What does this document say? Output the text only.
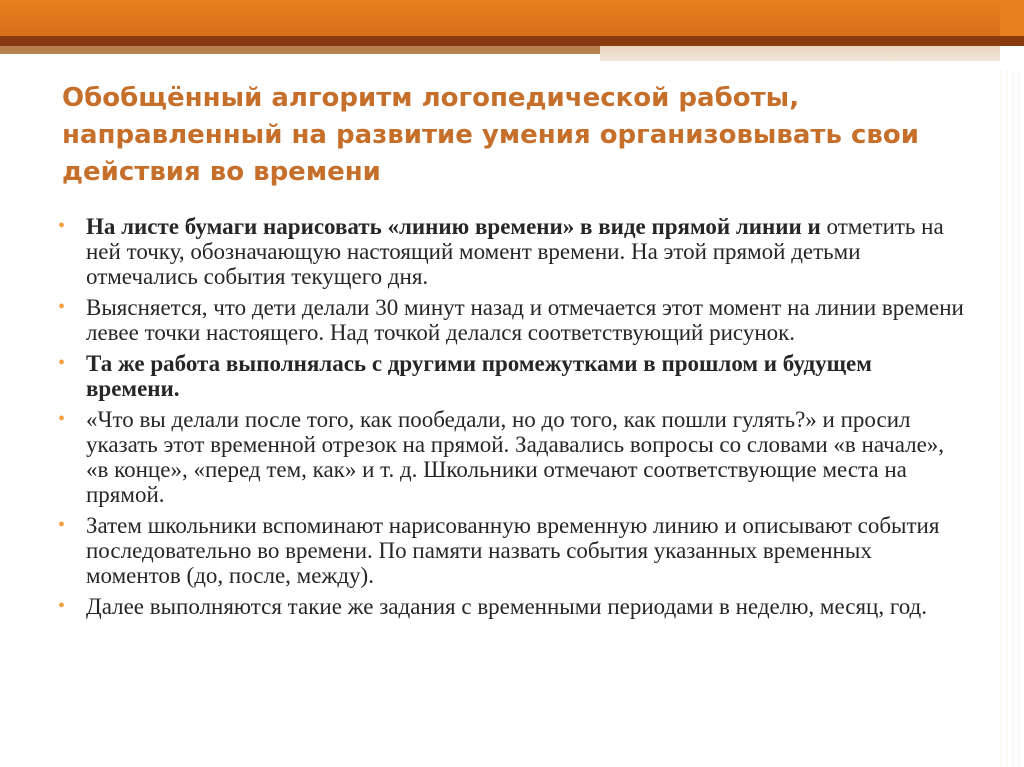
Обобщённый алгоритм логопедической работы, направленный на развитие умения организовывать свои действия во времени
• На листе бумаги нарисовать «линию времени» в виде прямой линии и отметить на ней точку, обозначающую настоящий момент времени. На этой прямой детьми отмечались события текущего дня.
• Выясняется, что дети делали 30 минут назад и отмечается этот момент на линии времени левее точки настоящего. Над точкой делался соответствующий рисунок.
• Та же работа выполнялась с другими промежутками в прошлом и будущем времени.
• «Что вы делали после того, как пообедали, но до того, как пошли гулять?» и просил указать этот временной отрезок на прямой. Задавались вопросы со словами «в начале», «в конце», «перед тем, как» и т. д. Школьники отмечают соответствующие места на прямой.
• Затем школьники вспоминают нарисованную временную линию и описывают события последовательно во времени. По памяти назвать события указанных временных моментов (до, после, между).
• Далее выполняются такие же задания с временными периодами в неделю, месяц, год.
